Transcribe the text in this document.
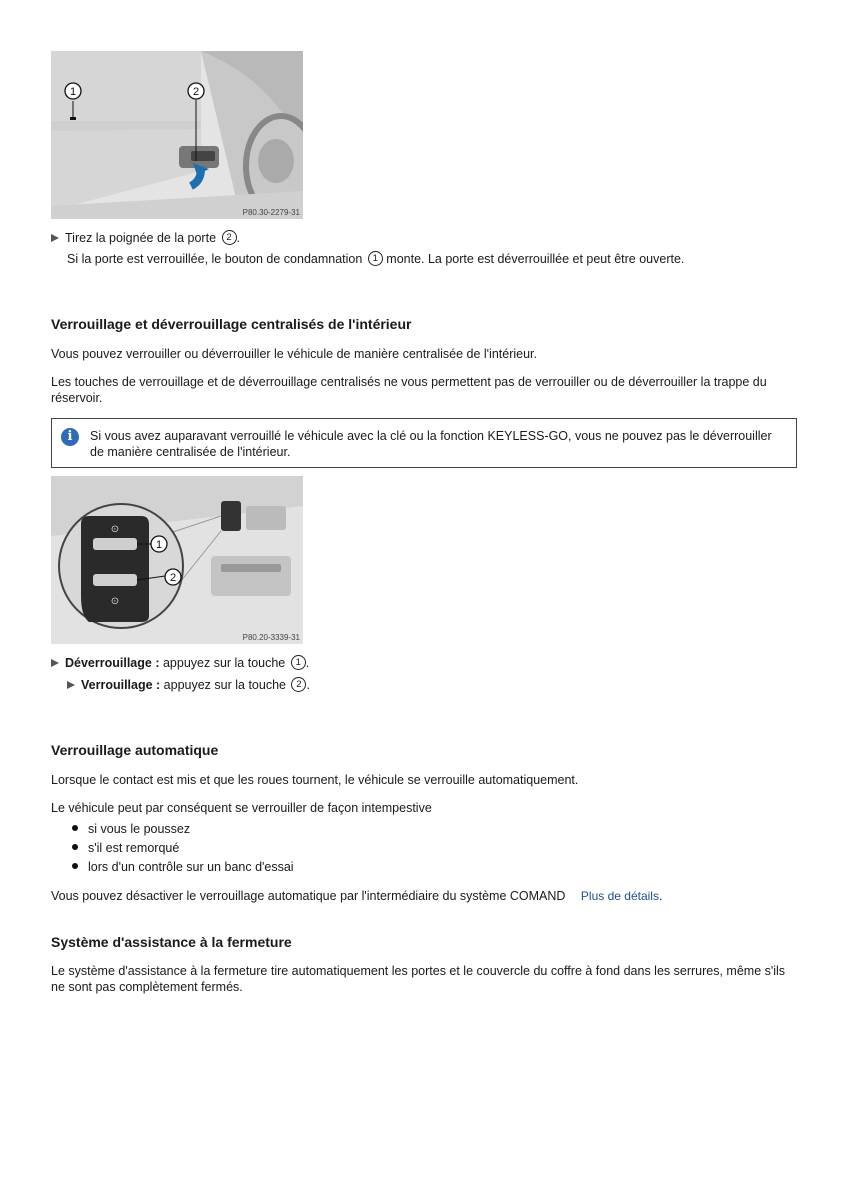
1	2
P80.30-2279-31
Tirez la poignée de la porte 2 .
Si la porte est verrouillée, le bouton de condamnation 1 monte. La porte est déverrouillée et peut être ouverte.
Verrouillage et déverrouillage centralisés de l'intérieur
Vous pouvez verrouiller ou déverrouiller le véhicule de manière centralisée de l'intérieur.
Les touches de verrouillage et de déverrouillage centralisés ne vous permettent pas de verrouiller ou de déverrouiller la trappe du réservoir.
i	Si vous avez auparavant verrouillé le véhicule avec la clé ou la fonction KEYLESS-GO, vous ne pouvez pas le déverrouiller de manière centralisée de l'intérieur.
⊙
⊙
1
2
P80.20-3339-31
Déverrouillage : appuyez sur la touche 1 .
Verrouillage : appuyez sur la touche 2 .
Verrouillage automatique
Lorsque le contact est mis et que les roues tournent, le véhicule se verrouille automatiquement.
Le véhicule peut par conséquent se verrouiller de façon intempestive
si vous le poussez
s'il est remorqué
lors d'un contrôle sur un banc d'essai
Vous pouvez désactiver le verrouillage automatique par l'intermédiaire du système COMAND Plus de détails.
Système d'assistance à la fermeture
Le système d'assistance à la fermeture tire automatiquement les portes et le couvercle du coffre à fond dans les serrures, même s'ils ne sont pas complètement fermés.
